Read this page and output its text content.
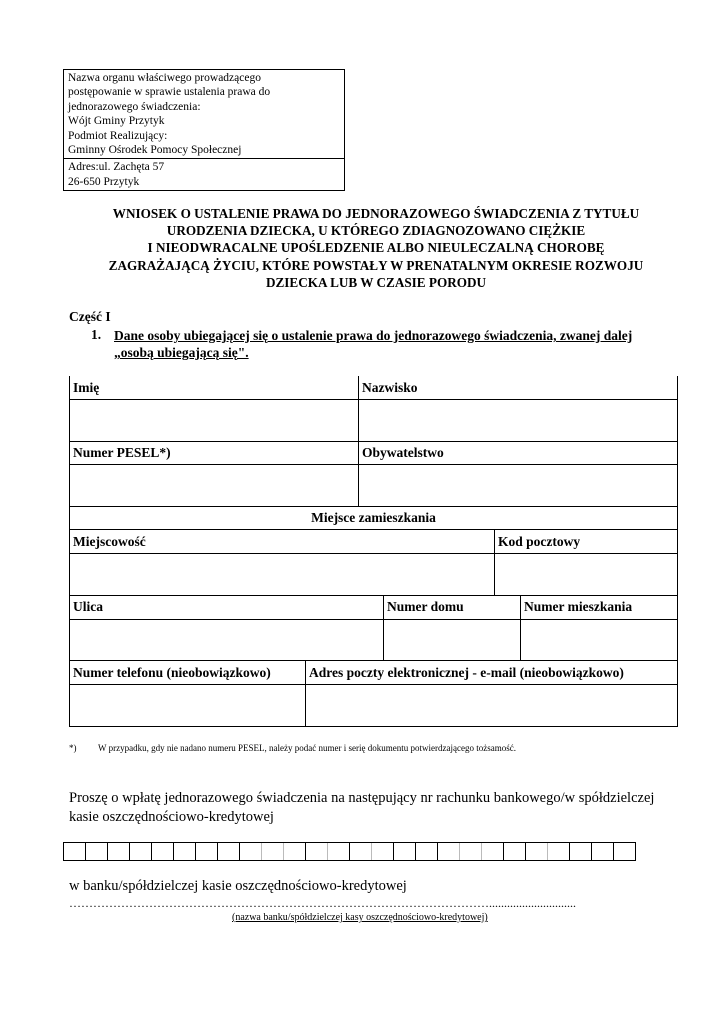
Nazwa organu właściwego prowadzącego
postępowanie w sprawie ustalenia prawa do
jednorazowego świadczenia:
Wójt Gminy Przytyk
Podmiot Realizujący:
Gminny Ośrodek Pomocy Społecznej
Adres:ul. Zachęta 57
26-650 Przytyk
WNIOSEK O USTALENIE PRAWA DO JEDNORAZOWEGO ŚWIADCZENIA Z TYTUŁU
URODZENIA DZIECKA, U KTÓREGO ZDIAGNOZOWANO CIĘŻKIE
I NIEODWRACALNE UPOŚLEDZENIE ALBO NIEULECZALNĄ CHOROBĘ
ZAGRAŻAJĄCĄ ŻYCIU, KTÓRE POWSTAŁY W PRENATALNYM OKRESIE ROZWOJU
DZIECKA LUB W CZASIE PORODU
Część I
1. Dane osoby ubiegającej się o ustalenie prawa do jednorazowego świadczenia, zwanej dalej
„osobą ubiegającą się".
Imię	Nazwisko
Numer PESEL*)	Obywatelstwo
Miejsce zamieszkania
Miejscowość	Kod pocztowy
Ulica	Numer domu	Numer mieszkania
Numer telefonu (nieobowiązkowo)	Adres poczty elektronicznej - e-mail (nieobowiązkowo)
*) W przypadku, gdy nie nadano numeru PESEL, należy podać numer i serię dokumentu potwierdzającego tożsamość.
Proszę o wpłatę jednorazowego świadczenia na następujący nr rachunku bankowego/w spółdzielczej
kasie oszczędnościowo-kredytowej
w banku/spółdzielczej kasie oszczędnościowo-kredytowej
…………………………………………………………………………………………….............................
(nazwa banku/spółdzielczej kasy oszczędnościowo-kredytowej)
